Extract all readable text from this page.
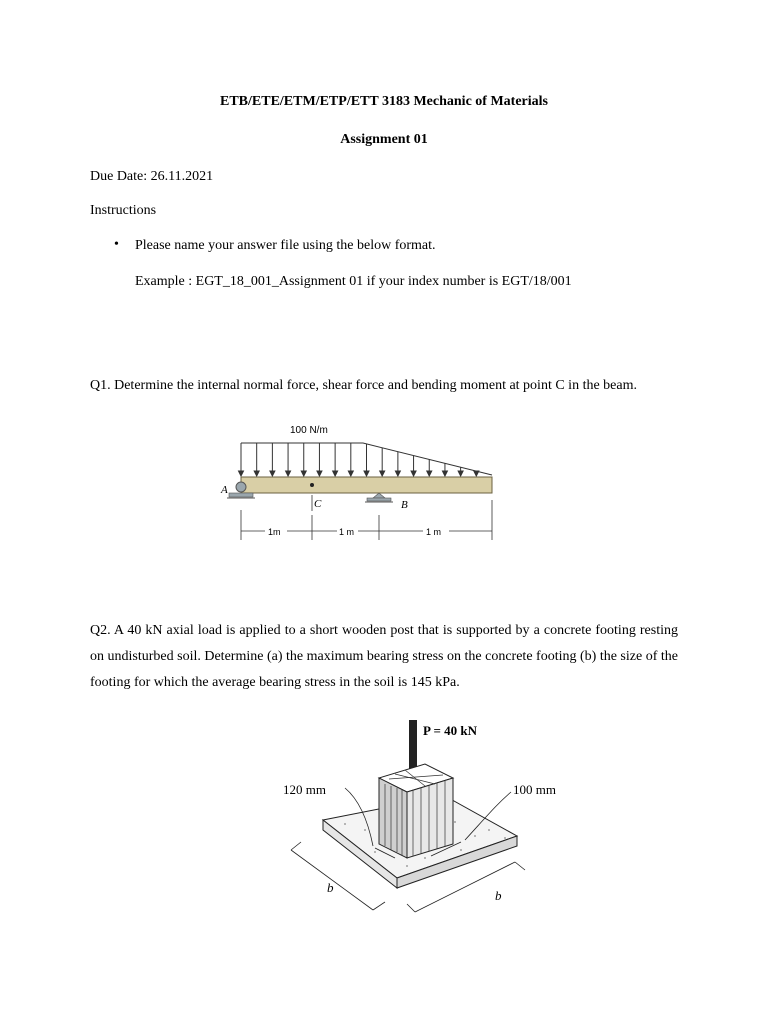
ETB/ETE/ETM/ETP/ETT 3183 Mechanic of Materials
Assignment 01
Due Date: 26.11.2021
Instructions
• Please name your answer file using the below format.
Example : EGT_18_001_Assignment 01 if your index number is EGT/18/001
Q1. Determine the internal normal force, shear force and bending moment at point C in the beam.
100 N/m
A
C	B
1m	1 m	1 m
Q2. A 40 kN axial load is applied to a short wooden post that is supported by a concrete footing resting on undisturbed soil. Determine (a) the maximum bearing stress on the concrete footing (b) the size of the footing for which the average bearing stress in the soil is 145 kPa.
P = 40 kN
120 mm	100 mm
b
b
